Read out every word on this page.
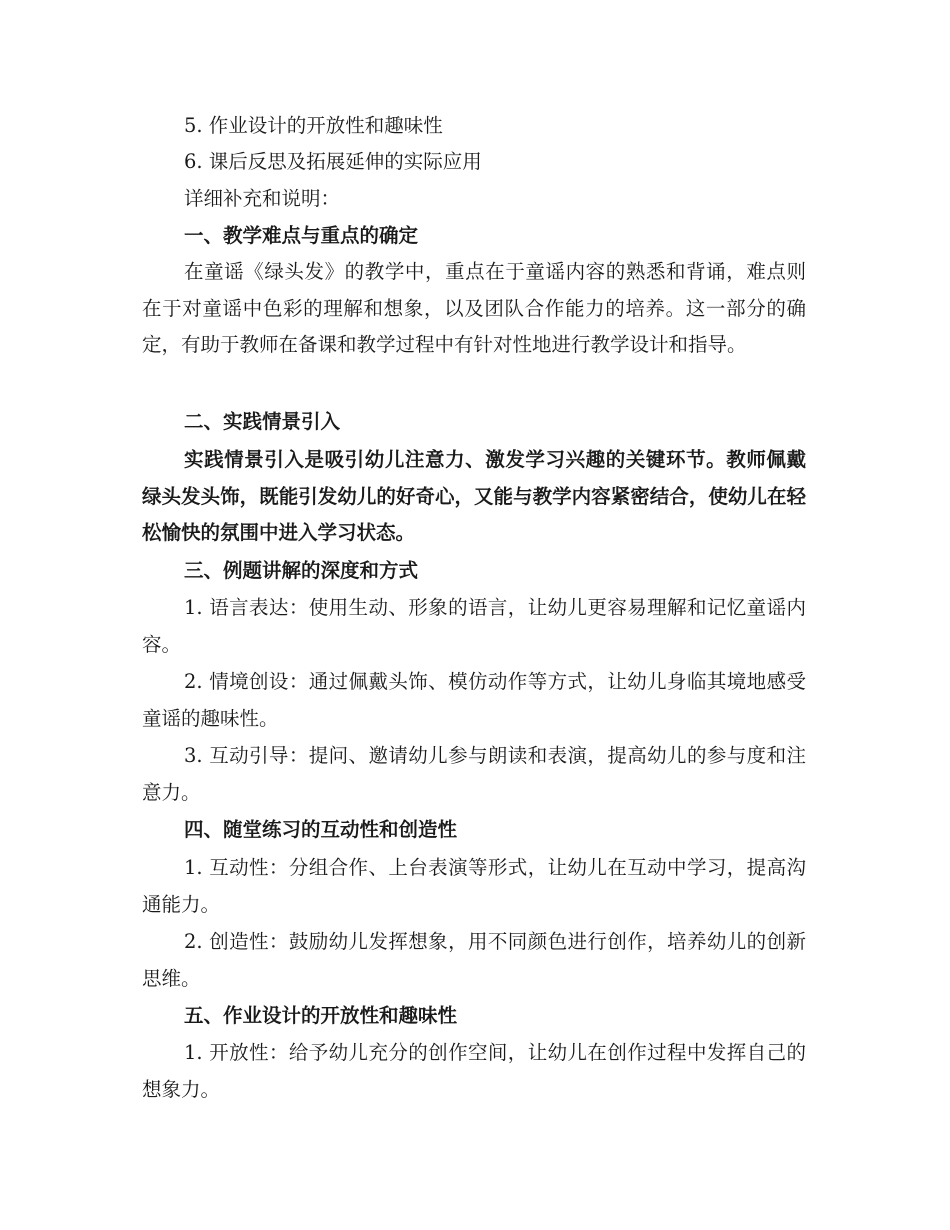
5. 作业设计的开放性和趣味性

6. 课后反思及拓展延伸的实际应用

详细补充和说明：

一、教学难点与重点的确定

在童谣《绿头发》的教学中，重点在于童谣内容的熟悉和背诵，难点则在于对童谣中色彩的理解和想象，以及团队合作能力的培养。这一部分的确定，有助于教师在备课和教学过程中有针对性地进行教学设计和指导。

二、实践情景引入

实践情景引入是吸引幼儿注意力、激发学习兴趣的关键环节。教师佩戴绿头发头饰，既能引发幼儿的好奇心，又能与教学内容紧密结合，使幼儿在轻松愉快的氛围中进入学习状态。

三、例题讲解的深度和方式

1. 语言表达：使用生动、形象的语言，让幼儿更容易理解和记忆童谣内容。

2. 情境创设：通过佩戴头饰、模仿动作等方式，让幼儿身临其境地感受童谣的趣味性。

3. 互动引导：提问、邀请幼儿参与朗读和表演，提高幼儿的参与度和注意力。

四、随堂练习的互动性和创造性

1. 互动性：分组合作、上台表演等形式，让幼儿在互动中学习，提高沟通能力。

2. 创造性：鼓励幼儿发挥想象，用不同颜色进行创作，培养幼儿的创新思维。

五、作业设计的开放性和趣味性

1. 开放性：给予幼儿充分的创作空间，让幼儿在创作过程中发挥自己的想象力。
